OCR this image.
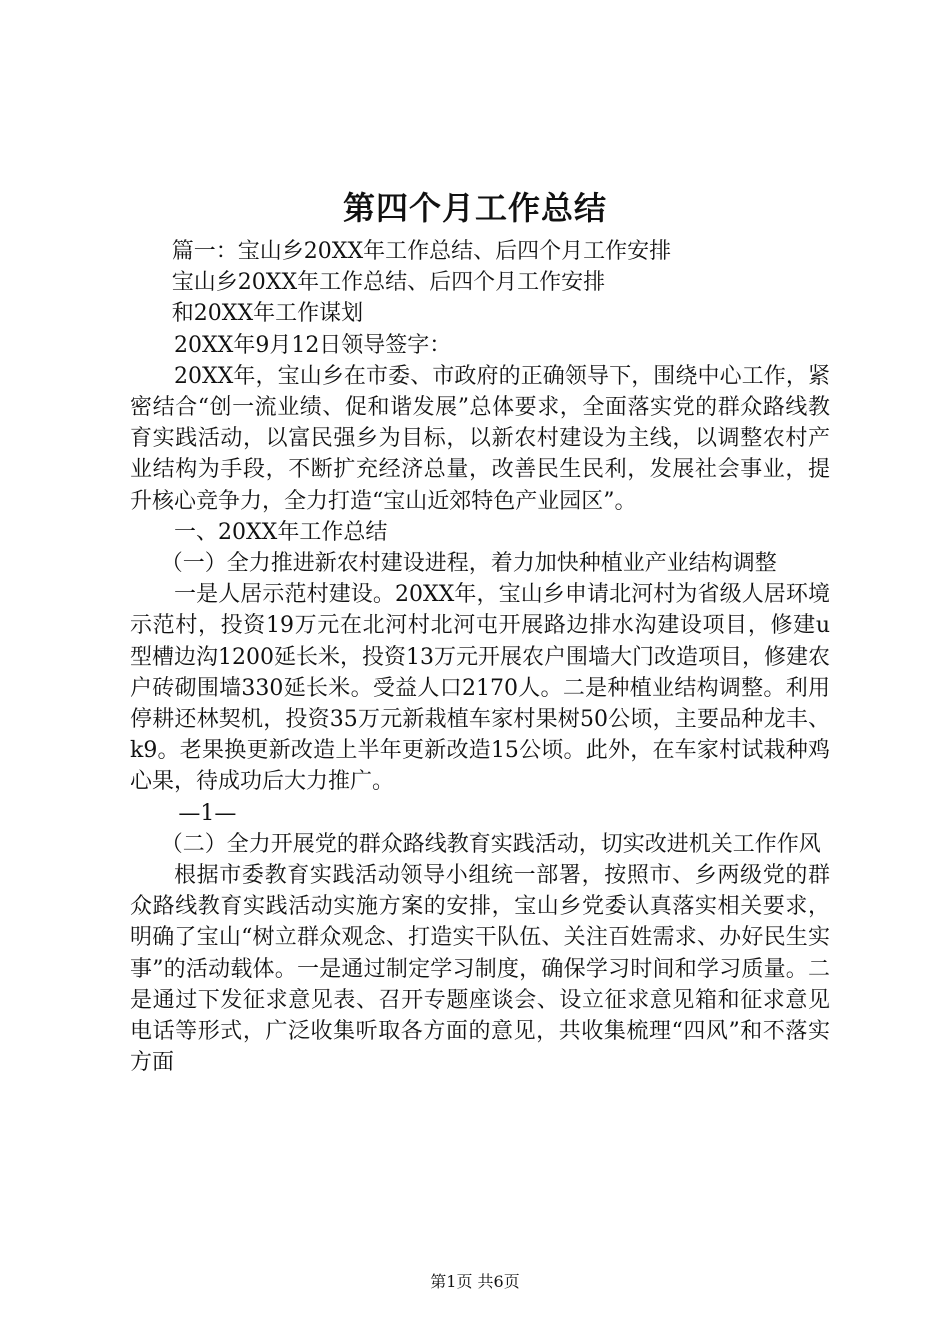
第四个月工作总结

篇一：宝山乡20XX年工作总结、后四个月工作安排

宝山乡20XX年工作总结、后四个月工作安排

和20XX年工作谋划

20XX年9月12日领导签字：

20XX年，宝山乡在市委、市政府的正确领导下，围绕中心工作，紧密结合“创一流业绩、促和谐发展”总体要求，全面落实党的群众路线教育实践活动，以富民强乡为目标，以新农村建设为主线，以调整农村产业结构为手段，不断扩充经济总量，改善民生民利，发展社会事业，提升核心竞争力，全力打造“宝山近郊特色产业园区”。

一、20XX年工作总结

（一）全力推进新农村建设进程，着力加快种植业产业结构调整

一是人居示范村建设。20XX年，宝山乡申请北河村为省级人居环境示范村，投资19万元在北河村北河屯开展路边排水沟建设项目，修建u型槽边沟1200延长米，投资13万元开展农户围墙大门改造项目，修建农户砖砌围墙330延长米。受益人口2170人。二是种植业结构调整。利用停耕还林契机，投资35万元新栽植车家村果树50公顷，主要品种龙丰、k9。老果换更新改造上半年更新改造15公顷。此外，在车家村试栽种鸡心果，待成功后大力推广。

—1—

（二）全力开展党的群众路线教育实践活动，切实改进机关工作作风

根据市委教育实践活动领导小组统一部署，按照市、乡两级党的群众路线教育实践活动实施方案的安排，宝山乡党委认真落实相关要求，明确了宝山“树立群众观念、打造实干队伍、关注百姓需求、办好民生实事”的活动载体。一是通过制定学习制度，确保学习时间和学习质量。二是通过下发征求意见表、召开专题座谈会、设立征求意见箱和征求意见电话等形式，广泛收集听取各方面的意见，共收集梳理“四风”和不落实方面

第1页 共6页
